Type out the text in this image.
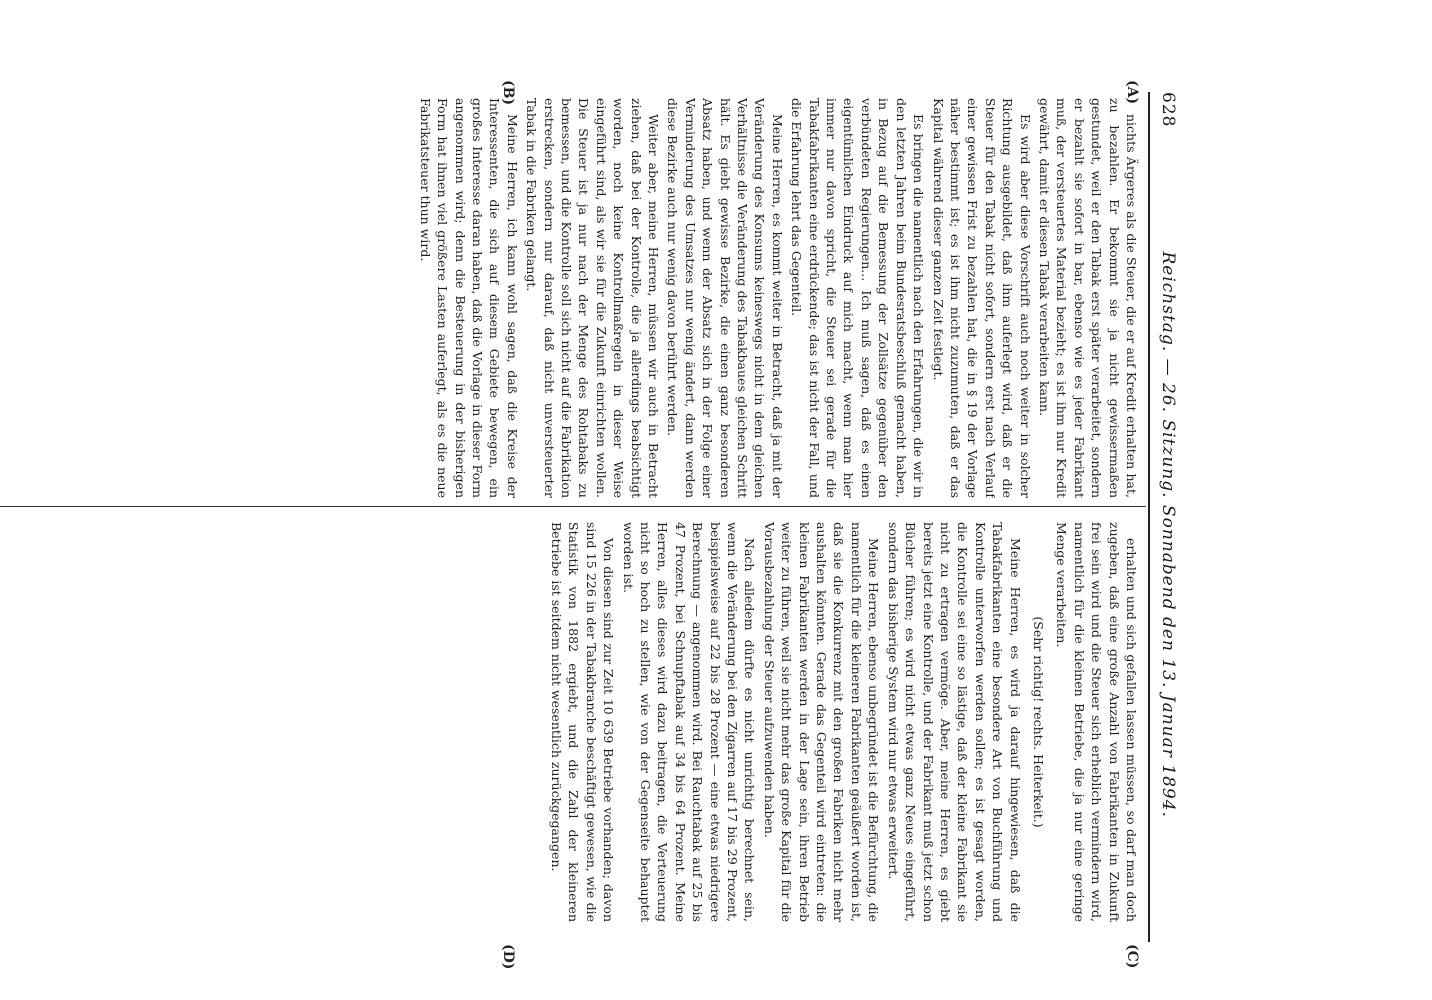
628
Reichstag. — 26. Sitzung. Sonnabend den 13. Januar 1894.
(A)
(B)
(C)
(D)

nichts Ärgeres als die Steuer, die er auf Kredit erhalten hat, zu bezahlen. Er bekommt sie ja nicht gewissermaßen gestundet, weil er den Tabak erst später verarbeitet, sondern er bezahlt sie sofort in bar, ebenso wie es jeder Fabrikant muß, der versteuertes Material bezieht; es ist ihm nur Kredit gewährt, damit er diesen Tabak verarbeiten kann.

Es wird aber diese Vorschrift auch noch weiter in solcher Richtung ausgebildet, daß ihm auferlegt wird, daß er die Steuer für den Tabak nicht sofort, sondern erst nach Verlauf einer gewissen Frist zu bezahlen hat, die in § 19 der Vorlage näher bestimmt ist; es ist ihm nicht zuzumuten, daß er das Kapital während dieser ganzen Zeit festlegt.

Es bringen die namentlich nach den Erfahrungen, die wir in den letzten Jahren beim Bundesratsbeschluß gemacht haben, in Bezug auf die Bemessung der Zollsätze gegenüber den verbündeten Regierungen... Ich muß sagen, daß es einen eigentümlichen Eindruck auf mich macht, wenn man hier immer nur davon spricht, die Steuer sei gerade für die Tabakfabrikanten eine erdrückende; das ist nicht der Fall, und die Erfahrung lehrt das Gegenteil.

Meine Herren, es kommt weiter in Betracht, daß ja mit der Veränderung des Konsums keineswegs nicht in dem gleichen Verhältnisse die Veränderung des Tabakbaues gleichen Schritt hält. Es giebt gewisse Bezirke, die einen ganz besonderen Absatz haben, und wenn der Absatz sich in der Folge einer Verminderung des Umsatzes nur wenig ändert, dann werden diese Bezirke auch nur wenig davon berührt werden.

Weiter aber, meine Herren, müssen wir auch in Betracht ziehen, daß bei der Kontrolle, die ja allerdings beabsichtigt worden, noch keine Kontrollmaßregeln in dieser Weise eingeführt sind, als wir sie für die Zukunft einrichten wollen. Die Steuer ist ja nur nach der Menge des Rohtabaks zu bemessen, und die Kontrolle soll sich nicht auf die Fabrikation erstrecken, sondern nur darauf, daß nicht unversteuerter Tabak in die Fabriken gelangt.

Meine Herren, ich kann wohl sagen, daß die Kreise der Interessenten, die sich auf diesem Gebiete bewegen, ein großes Interesse daran haben, daß die Vorlage in dieser Form angenommen wird; denn die Besteuerung in der bisherigen Form hat ihnen viel größere Lasten auferlegt, als es die neue Fabrikatsteuer thun wird.

erhalten und sich gefallen lassen müssen, so darf man doch zugeben, daß eine große Anzahl von Fabrikanten in Zukunft frei sein wird und die Steuer sich erheblich vermindern wird, namentlich für die kleinen Betriebe, die ja nur eine geringe Menge verarbeiten.

(Sehr richtig! rechts. Heiterkeit.)

Meine Herren, es wird ja darauf hingewiesen, daß die Tabakfabrikanten eine besondere Art von Buchführung und Kontrolle unterworfen werden sollen; es ist gesagt worden, die Kontrolle sei eine so lästige, daß der kleine Fabrikant sie nicht zu ertragen vermöge. Aber, meine Herren, es giebt bereits jetzt eine Kontrolle, und der Fabrikant muß jetzt schon Bücher führen; es wird nicht etwas ganz Neues eingeführt, sondern das bisherige System wird nur etwas erweitert.

Meine Herren, ebenso unbegründet ist die Befürchtung, die namentlich für die kleineren Fabrikanten geäußert worden ist, daß sie die Konkurrenz mit den großen Fabriken nicht mehr aushalten könnten. Gerade das Gegenteil wird eintreten: die kleinen Fabrikanten werden in der Lage sein, ihren Betrieb weiter zu führen, weil sie nicht mehr das große Kapital für die Vorausbezahlung der Steuer aufzuwenden haben.

Nach alledem dürfte es nicht unrichtig berechnet sein, wenn die Veränderung bei den Zigarren auf 17 bis 29 Prozent, beispielsweise auf 22 bis 28 Prozent — eine etwas niedrigere Berechnung — angenommen wird. Bei Rauchtabak auf 25 bis 47 Prozent, bei Schnupftabak auf 34 bis 64 Prozent. Meine Herren, alles dieses wird dazu beitragen, die Verteuerung nicht so hoch zu stellen, wie von der Gegenseite behauptet worden ist.

Von diesen sind zur Zeit 10 639 Betriebe vorhanden; davon sind 15 226 in der Tabakbranche beschäftigt gewesen, wie die Statistik von 1882 ergiebt, und die Zahl der kleineren Betriebe ist seitdem nicht wesentlich zurückgegangen.
